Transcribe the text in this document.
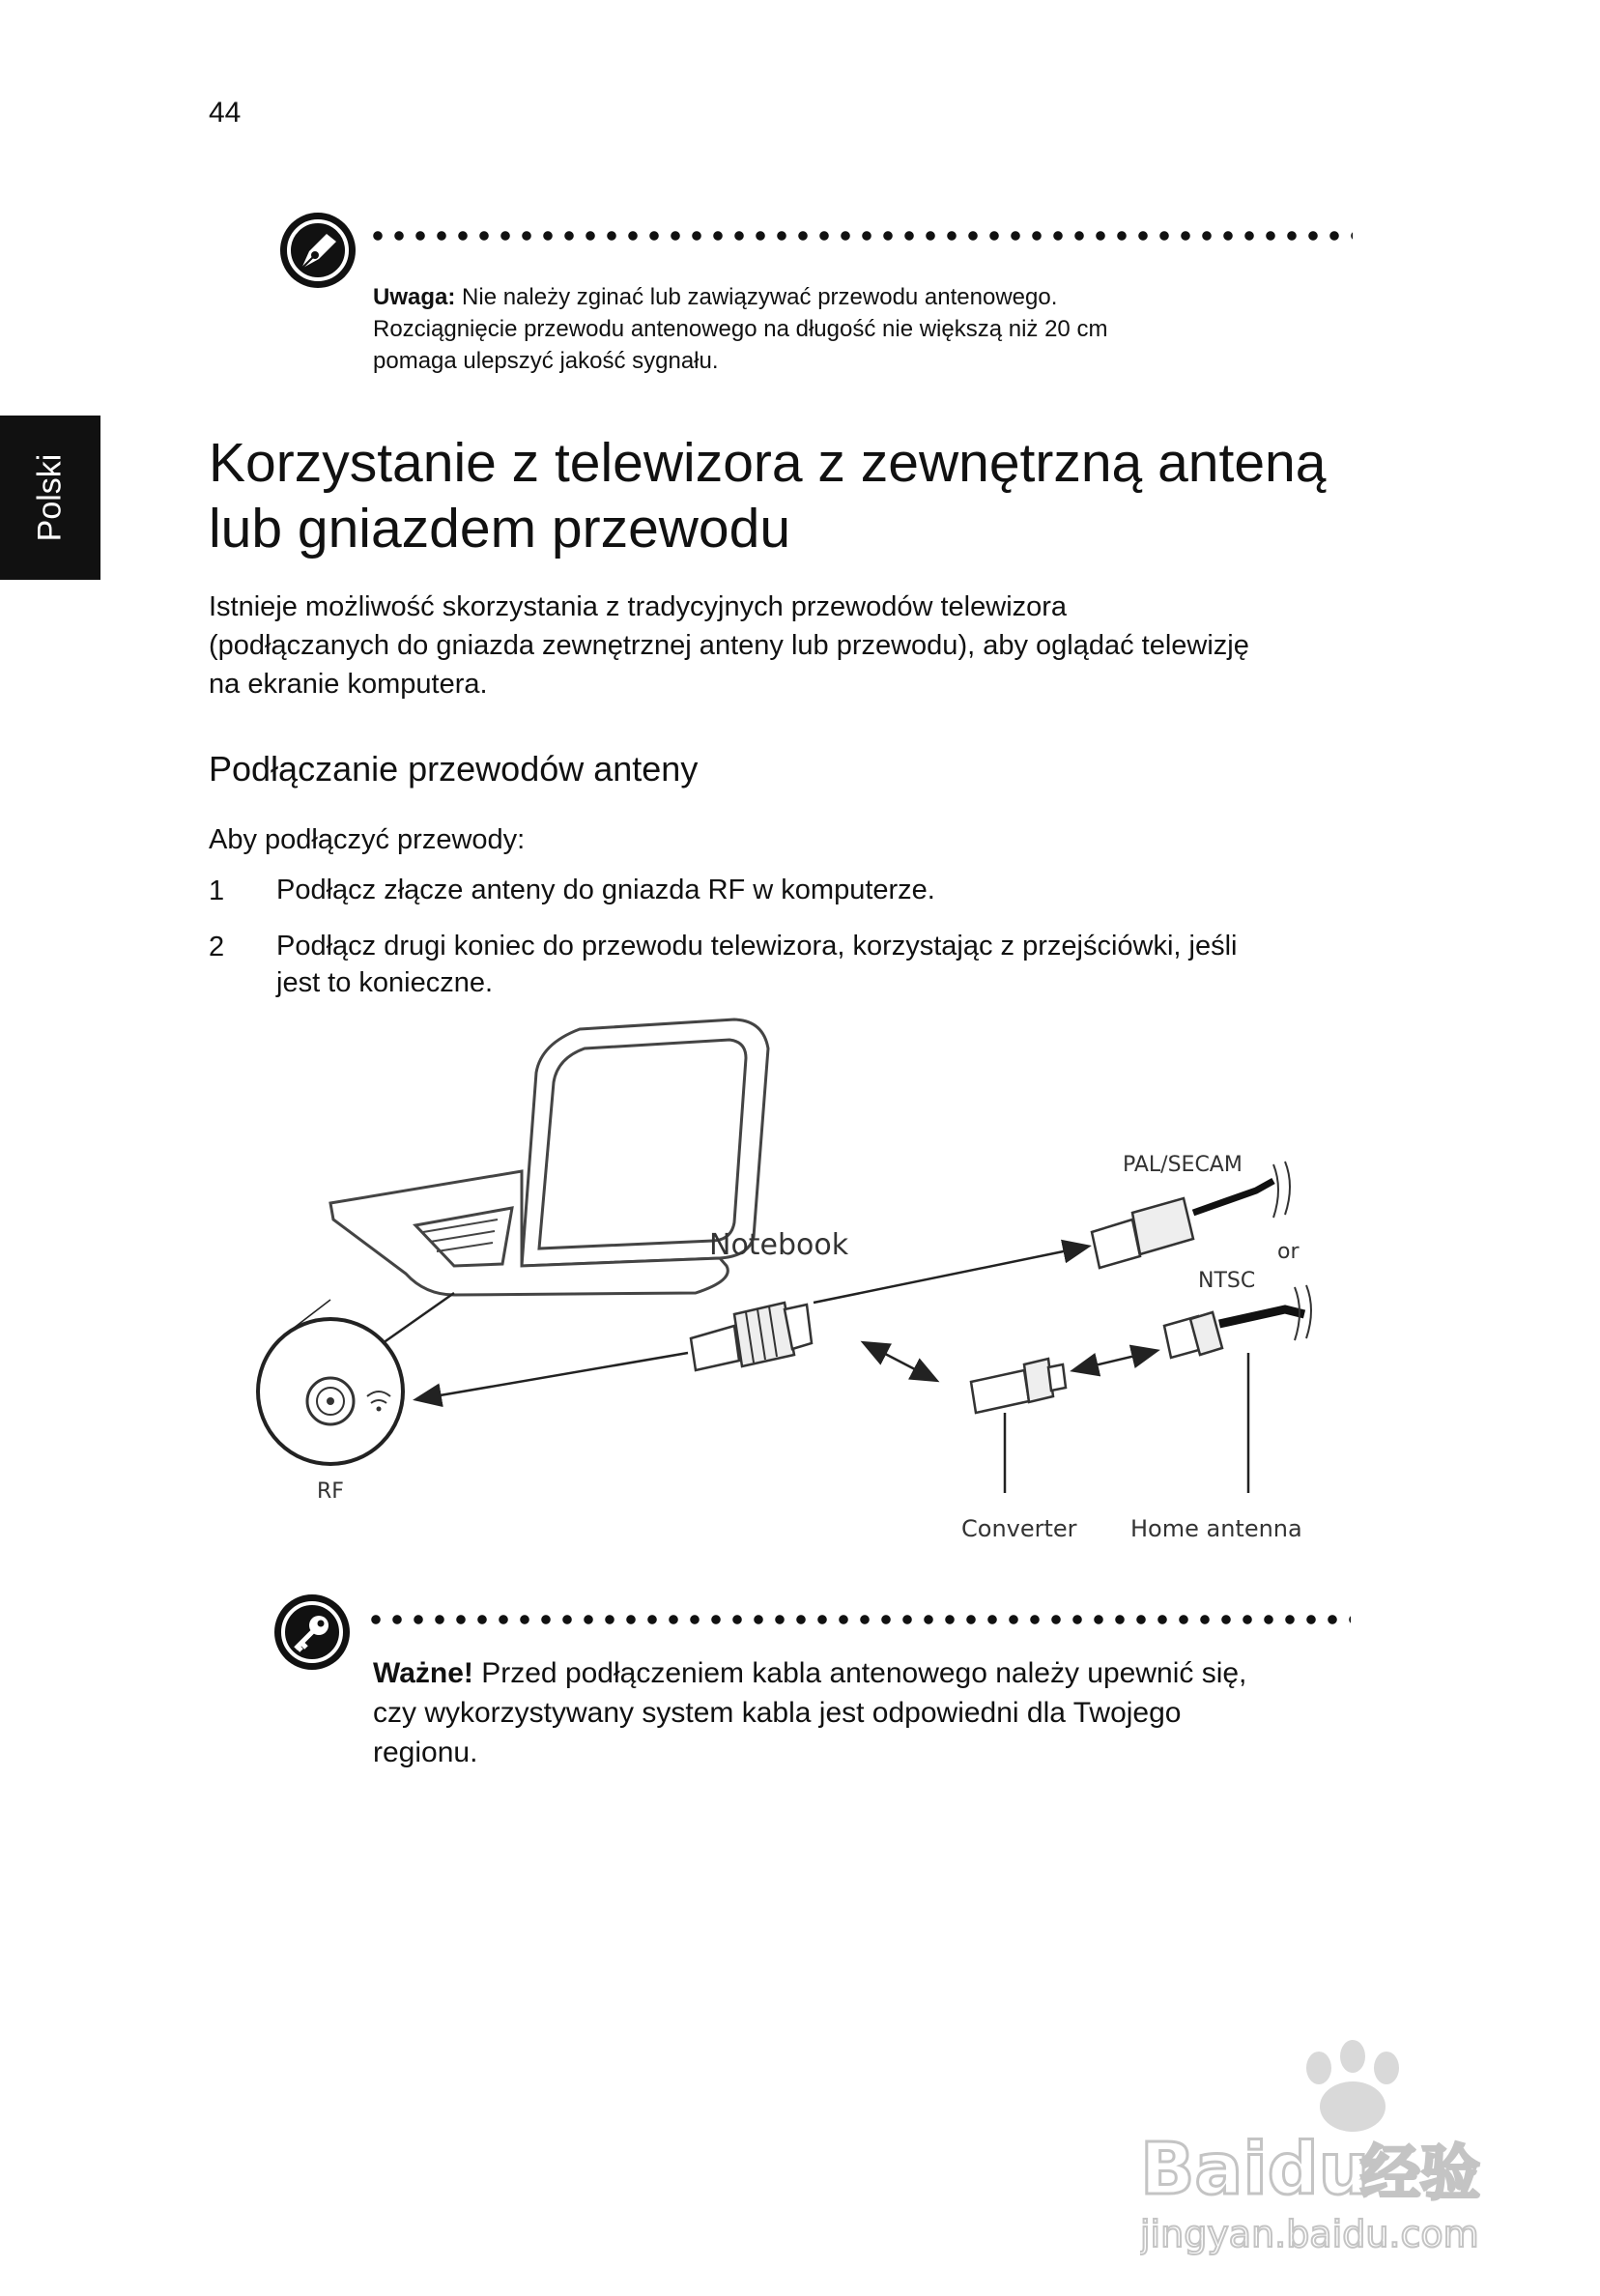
44
Polski
Uwaga: Nie należy zginać lub zawiązywać przewodu antenowego.
Rozciągnięcie przewodu antenowego na długość nie większą niż 20 cm
pomaga ulepszyć jakość sygnału.
Korzystanie z telewizora z zewnętrzną anteną
lub gniazdem przewodu
Istnieje możliwość skorzystania z tradycyjnych przewodów telewizora
(podłączanych do gniazda zewnętrznej anteny lub przewodu), aby oglądać telewizję
na ekranie komputera.
Podłączanie przewodów anteny
Aby podłączyć przewody:
1 Podłącz złącze anteny do gniazda RF w komputerze.
2 Podłącz drugi koniec do przewodu telewizora, korzystając z przejściówki, jeśli
jest to konieczne.
Notebook
PAL/SECAM
or
NTSC
RF
Converter Home antenna
Ważne! Przed podłączeniem kabla antenowego należy upewnić się,
czy wykorzystywany system kabla jest odpowiedni dla Twojego
regionu.
Baidu
经验
jingyan.baidu.com
